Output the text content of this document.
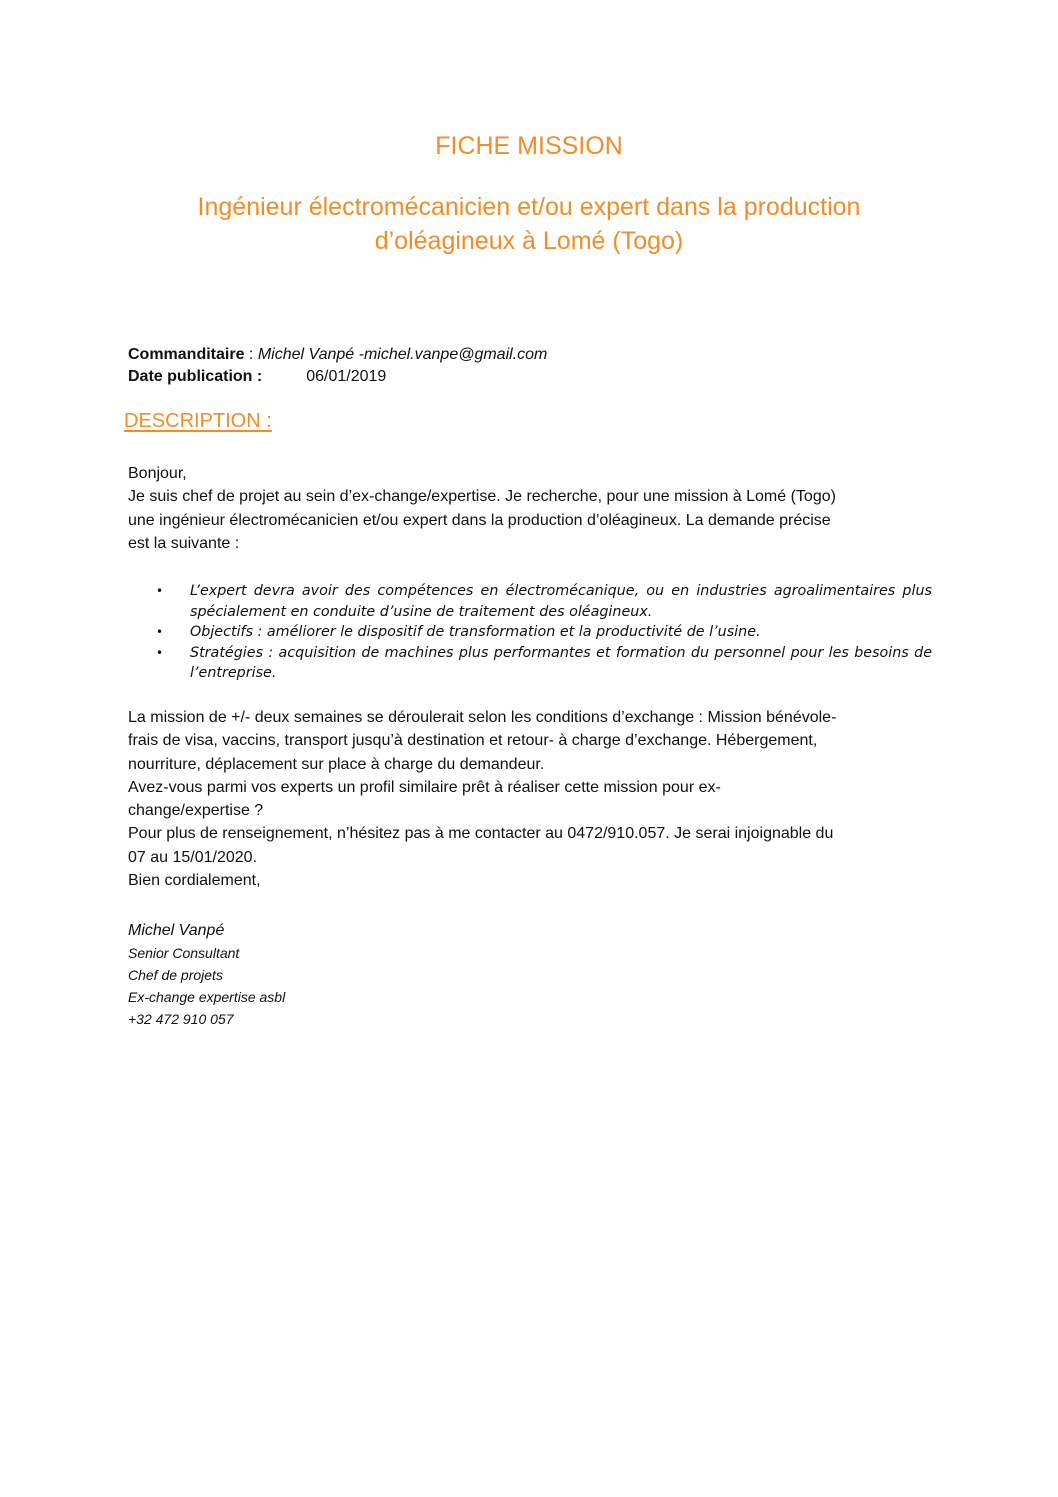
FICHE MISSION
Ingénieur électromécanicien et/ou expert dans la production
d’oléagineux à Lomé (Togo)
Commanditaire : Michel Vanpé -michel.vanpe@gmail.com
Date publication :	06/01/2019
DESCRIPTION :

Bonjour,

Je suis chef de projet au sein d’ex-change/expertise. Je recherche, pour une mission à Lomé (Togo)

une ingénieur électromécanicien et/ou expert dans la production d’oléagineux. La demande précise

est la suivante :

• L’expert devra avoir des compétences en électromécanique, ou en industries agroalimentaires plus spécialement en conduite d’usine de traitement des oléagineux.
• Objectifs : améliorer le dispositif de transformation et la productivité de l’usine.
• Stratégies : acquisition de machines plus performantes et formation du personnel pour les besoins de l’entreprise.

La mission de +/- deux semaines se déroulerait selon les conditions d’exchange : Mission bénévole-

frais de visa, vaccins, transport jusqu’à destination et retour- à charge d’exchange. Hébergement,

nourriture, déplacement sur place à charge du demandeur.

Avez-vous parmi vos experts un profil similaire prêt à réaliser cette mission pour ex-

change/expertise ?

Pour plus de renseignement, n’hésitez pas à me contacter au 0472/910.057. Je serai injoignable du

07 au 15/01/2020.

Bien cordialement,

Michel Vanpé
Senior Consultant
Chef de projets
Ex-change expertise asbl
+32 472 910 057
